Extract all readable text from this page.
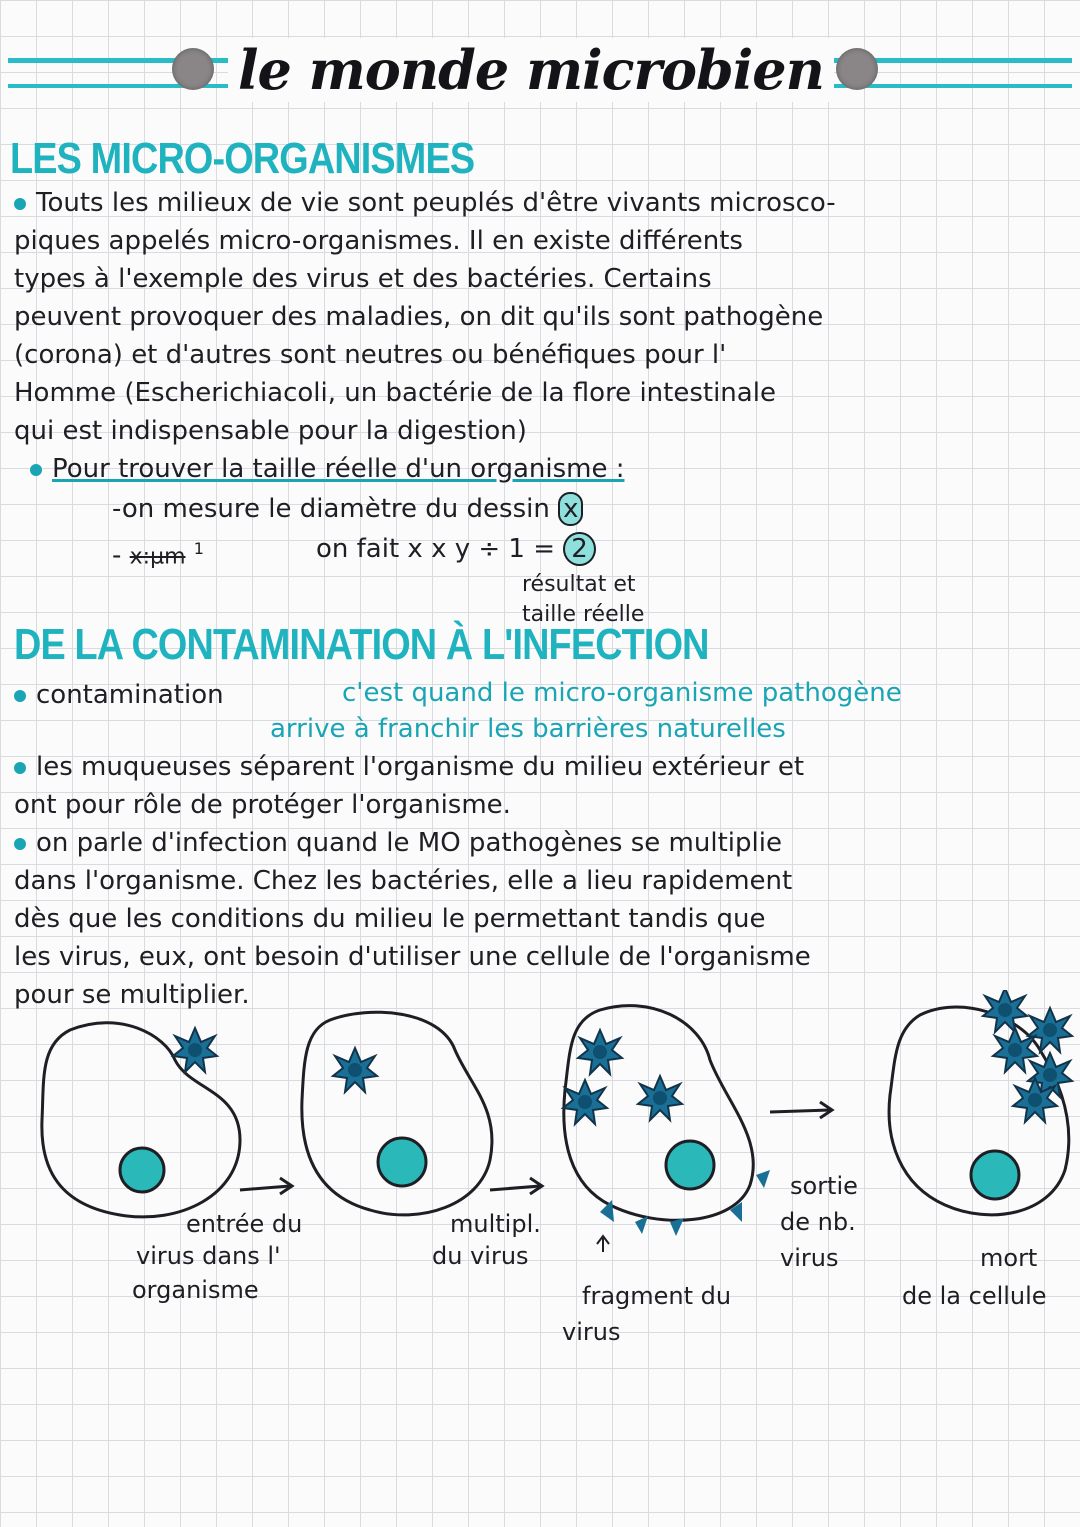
le monde microbien
LES MICRO-ORGANISMES
Touts les milieux de vie sont peuplés d'être vivants microsco-
piques appelés micro-organismes. Il en existe différents
types à l'exemple des virus et des bactéries. Certains
peuvent provoquer des maladies, on dit qu'ils sont pathogène
(corona) et d'autres sont neutres ou bénéfiques pour l'
Homme (Escherichiacoli, un bactérie de la flore intestinale
qui est indispensable pour la digestion)
Pour trouver la taille réelle d'un organisme :
-on mesure le diamètre du dessin x
- x:µm $^1$	on fait x x y ÷ 1 = 2
résultat et
taille réelle
DE LA CONTAMINATION À L'INFECTION
contamination	c'est quand le micro-organisme pathogène
arrive à franchir les barrières naturelles
les muqueuses séparent l'organisme du milieu extérieur et
ont pour rôle de protéger l'organisme.
on parle d'infection quand le MO pathogènes se multiplie
dans l'organisme. Chez les bactéries, elle a lieu rapidement
dès que les conditions du milieu le permettant tandis que
les virus, eux, ont besoin d'utiliser une cellule de l'organisme
pour se multiplier.
entrée du
virus dans l'
organisme
multipl.
du virus
fragment du
virus
sortie
de nb.
virus	mort
de la cellule
